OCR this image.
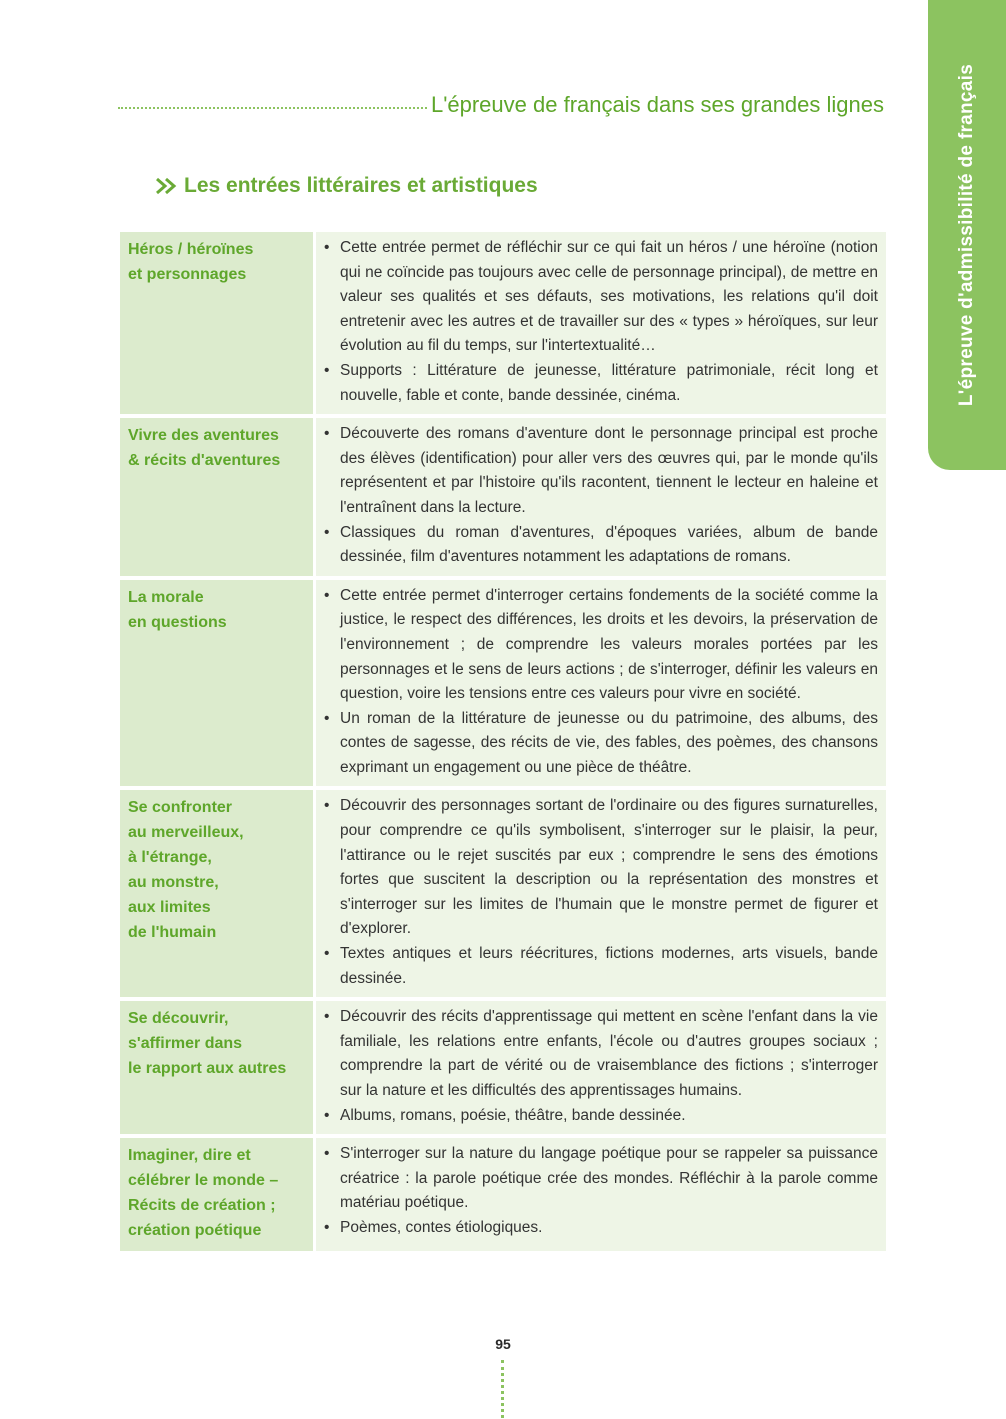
L'épreuve d'admissibilité de français
L'épreuve de français dans ses grandes lignes
Les entrées littéraires et artistiques
Héros / héroïnes
et personnages
• Cette entrée permet de réfléchir sur ce qui fait un héros / une héroïne (notion qui ne coïncide pas toujours avec celle de personnage principal), de mettre en valeur ses qualités et ses défauts, ses motivations, les relations qu'il doit entretenir avec les autres et de travailler sur des « types » héroïques, sur leur évolution au fil du temps, sur l'intertextualité…
• Supports : Littérature de jeunesse, littérature patrimoniale, récit long et nouvelle, fable et conte, bande dessinée, cinéma.
Vivre des aventures
& récits d'aventures
• Découverte des romans d'aventure dont le personnage principal est proche des élèves (identification) pour aller vers des œuvres qui, par le monde qu'ils représentent et par l'histoire qu'ils racontent, tiennent le lecteur en haleine et l'entraînent dans la lecture.
• Classiques du roman d'aventures, d'époques variées, album de bande dessinée, film d'aventures notamment les adaptations de romans.
La morale
en questions
• Cette entrée permet d'interroger certains fondements de la société comme la justice, le respect des différences, les droits et les devoirs, la préservation de l'environnement ; de comprendre les valeurs morales portées par les personnages et le sens de leurs actions ; de s'interroger, définir les valeurs en question, voire les tensions entre ces valeurs pour vivre en société.
• Un roman de la littérature de jeunesse ou du patrimoine, des albums, des contes de sagesse, des récits de vie, des fables, des poèmes, des chansons exprimant un engagement ou une pièce de théâtre.
Se confronter
au merveilleux,
à l'étrange,
au monstre,
aux limites
de l'humain
• Découvrir des personnages sortant de l'ordinaire ou des figures surnaturelles, pour comprendre ce qu'ils symbolisent, s'interroger sur le plaisir, la peur, l'attirance ou le rejet suscités par eux ; comprendre le sens des émotions fortes que suscitent la description ou la représentation des monstres et s'interroger sur les limites de l'humain que le monstre permet de figurer et d'explorer.
• Textes antiques et leurs réécritures, fictions modernes, arts visuels, bande dessinée.
Se découvrir,
s'affirmer dans
le rapport aux autres
• Découvrir des récits d'apprentissage qui mettent en scène l'enfant dans la vie familiale, les relations entre enfants, l'école ou d'autres groupes sociaux ; comprendre la part de vérité ou de vraisemblance des fictions ; s'interroger sur la nature et les difficultés des apprentissages humains.
• Albums, romans, poésie, théâtre, bande dessinée.
Imaginer, dire et
célébrer le monde –
Récits de création ;
création poétique
• S'interroger sur la nature du langage poétique pour se rappeler sa puissance créatrice : la parole poétique crée des mondes. Réfléchir à la parole comme matériau poétique.
• Poèmes, contes étiologiques.
95
